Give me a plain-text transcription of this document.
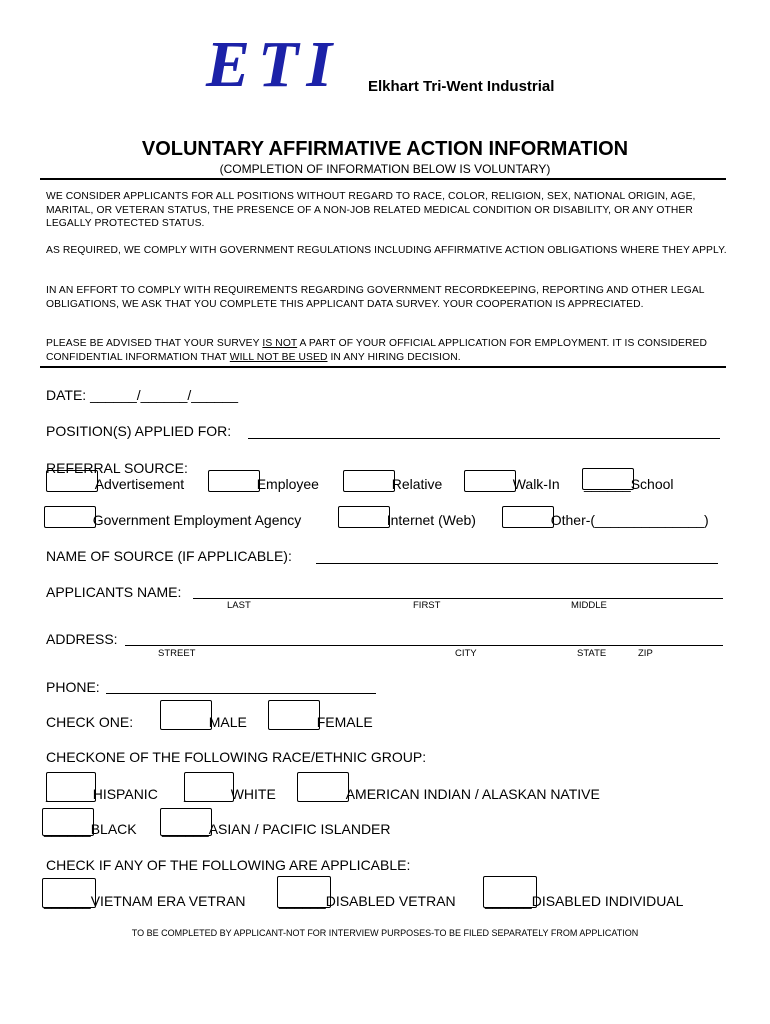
ETI Elkhart Tri-Went Industrial
VOLUNTARY AFFIRMATIVE ACTION INFORMATION
(COMPLETION OF INFORMATION BELOW IS VOLUNTARY)
WE CONSIDER APPLICANTS FOR ALL POSITIONS WITHOUT REGARD TO RACE, COLOR, RELIGION, SEX, NATIONAL ORIGIN, AGE, MARITAL, OR VETERAN STATUS, THE PRESENCE OF A NON-JOB RELATED MEDICAL CONDITION OR DISABILITY, OR ANY OTHER LEGALLY PROTECTED STATUS.
AS REQUIRED, WE COMPLY WITH GOVERNMENT REGULATIONS INCLUDING AFFIRMATIVE ACTION OBLIGATIONS WHERE THEY APPLY.
IN AN EFFORT TO COMPLY WITH REQUIREMENTS REGARDING GOVERNMENT RECORDKEEPING, REPORTING AND OTHER LEGAL OBLIGATIONS, WE ASK THAT YOU COMPLETE THIS APPLICANT DATA SURVEY. YOUR COOPERATION IS APPRECIATED.
PLEASE BE ADVISED THAT YOUR SURVEY IS NOT A PART OF YOUR OFFICIAL APPLICATION FOR EMPLOYMENT. IT IS CONSIDERED CONFIDENTIAL INFORMATION THAT WILL NOT BE USED IN ANY HIRING DECISION.
DATE: ______/______/______
POSITION(S) APPLIED FOR:
REFERRAL SOURCE:
______Advertisement ______Employee ______Relative ______Walk-In ______School
______Government Employment Agency	______Internet (Web) ______Other-(______________)
NAME OF SOURCE (IF APPLICABLE):
APPLICANTS NAME:
LAST	FIRST	MIDDLE
ADDRESS:
STREET	CITY	STATE	ZIP
PHONE:
CHECK ONE: ______MALE ______FEMALE
CHECKONE OF THE FOLLOWING RACE/ETHNIC GROUP:
______HISPANIC ______WHITE ______AMERICAN INDIAN / ALASKAN NATIVE
______BLACK ______ASIAN / PACIFIC ISLANDER
CHECK IF ANY OF THE FOLLOWING ARE APPLICABLE:
______VIETNAM ERA VETRAN ______DISABLED VETRAN ______DISABLED INDIVIDUAL
TO BE COMPLETED BY APPLICANT-NOT FOR INTERVIEW PURPOSES-TO BE FILED SEPARATELY FROM APPLICATION
